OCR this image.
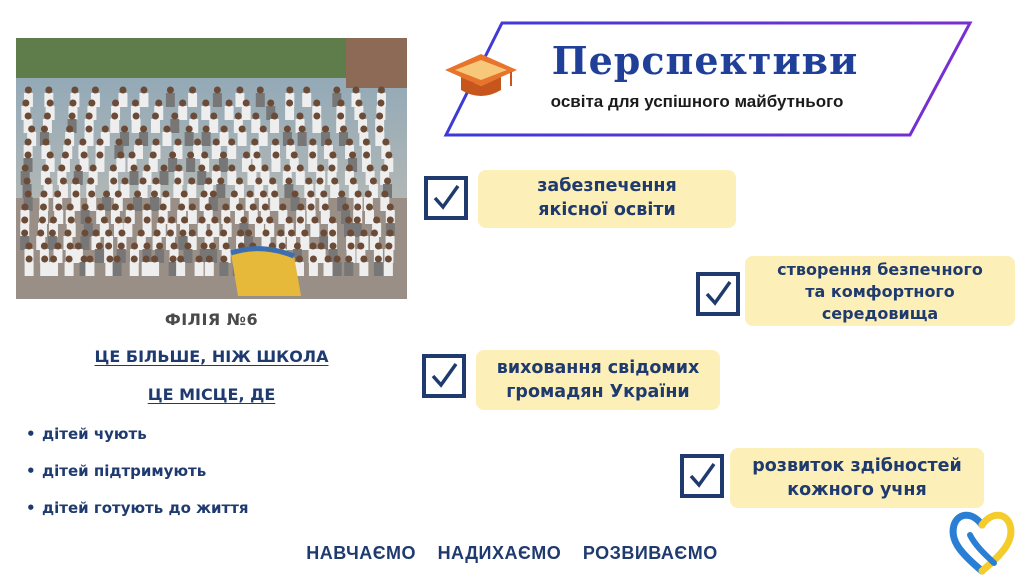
Перспективи
освіта для успішного майбутнього
забезпечення
якісної освіти
створення безпечного
та комфортного
середовища
виховання свідомих
громадян України
розвиток здібностей
кожного учня
ФІЛІЯ №6
ЦЕ БІЛЬШЕ, НІЖ ШКОЛА
ЦЕ МІСЦЕ, ДЕ
• дітей чують
• дітей підтримують
• дітей готують до життя
НАВЧАЄМО НАДИХАЄМО РОЗВИВАЄМО
